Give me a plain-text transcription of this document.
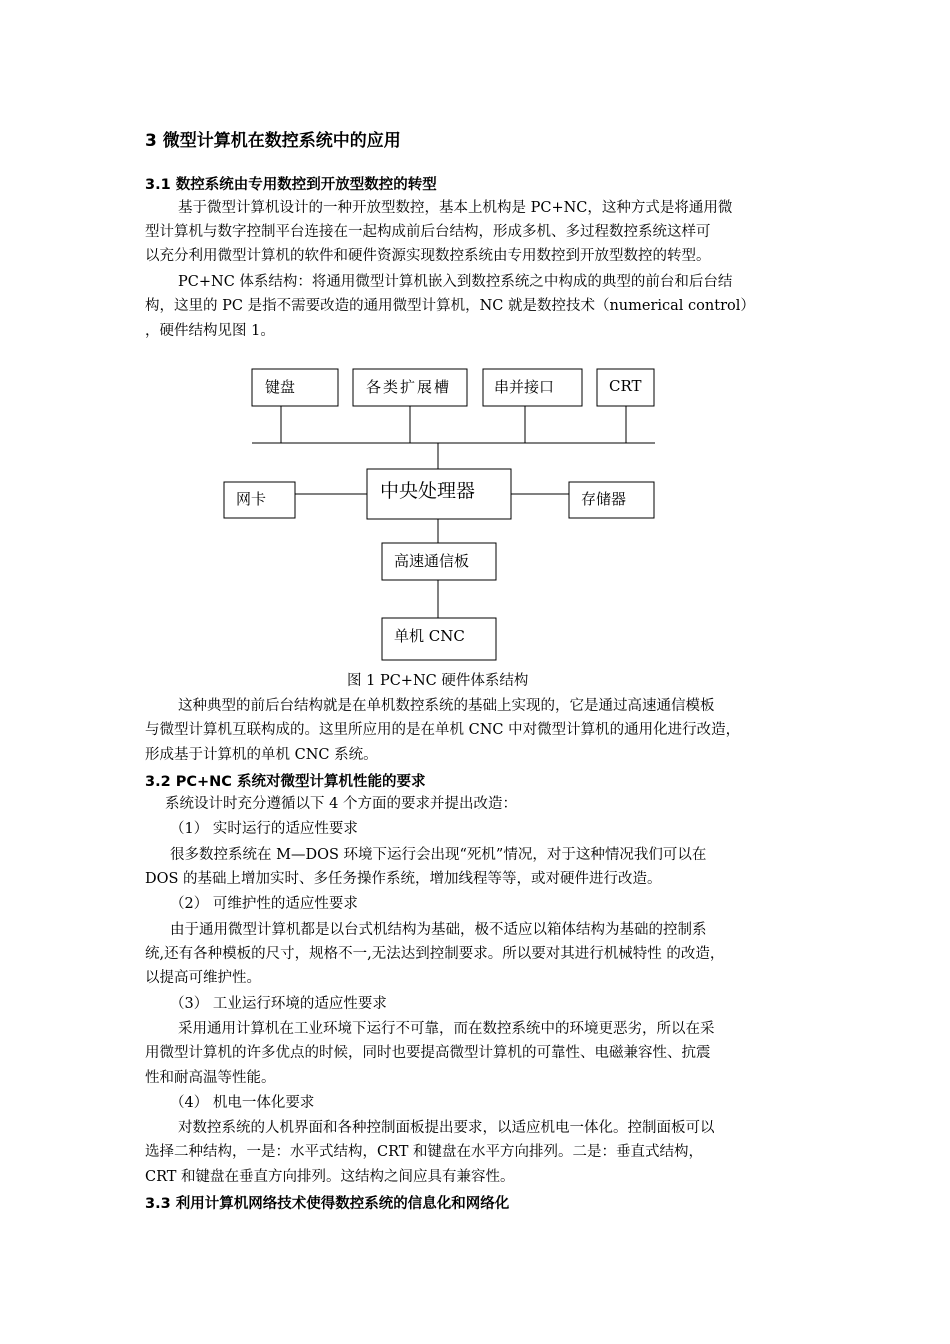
3 微型计算机在数控系统中的应用
3.1 数控系统由专用数控到开放型数控的转型
基于微型计算机设计的一种开放型数控，基本上机构是 PC+NC，这种方式是将通用微
型计算机与数字控制平台连接在一起构成前后台结构，形成多机、多过程数控系统这样可
以充分利用微型计算机的软件和硬件资源实现数控系统由专用数控到开放型数控的转型。
PC+NC 体系结构：将通用微型计算机嵌入到数控系统之中构成的典型的前台和后台结
构，这里的 PC 是指不需要改造的通用微型计算机，NC 就是数控技术（numerical control）
，硬件结构见图 1。
键盘	各类扩展槽	串并接口	CRT
网卡	中央处理器	存储器
高速通信板
单机 CNC
图 1 PC+NC 硬件体系结构
这种典型的前后台结构就是在单机数控系统的基础上实现的，它是通过高速通信模板
与微型计算机互联构成的。这里所应用的是在单机 CNC 中对微型计算机的通用化进行改造，
形成基于计算机的单机 CNC 系统。
3.2 PC+NC 系统对微型计算机性能的要求
系统设计时充分遵循以下 4 个方面的要求并提出改造：
（1） 实时运行的适应性要求
很多数控系统在 M—DOS 环境下运行会出现“死机”情况，对于这种情况我们可以在
DOS 的基础上增加实时、多任务操作系统，增加线程等等，或对硬件进行改造。
（2） 可维护性的适应性要求
由于通用微型计算机都是以台式机结构为基础，极不适应以箱体结构为基础的控制系
统,还有各种模板的尺寸，规格不一,无法达到控制要求。所以要对其进行机械特性 的改造，
以提高可维护性。
（3） 工业运行环境的适应性要求
采用通用计算机在工业环境下运行不可靠，而在数控系统中的环境更恶劣，所以在采
用微型计算机的许多优点的时候，同时也要提高微型计算机的可靠性、电磁兼容性、抗震
性和耐高温等性能。
（4） 机电一体化要求
对数控系统的人机界面和各种控制面板提出要求，以适应机电一体化。控制面板可以
选择二种结构，一是：水平式结构，CRT 和键盘在水平方向排列。二是：垂直式结构，
CRT 和键盘在垂直方向排列。这结构之间应具有兼容性。
3.3 利用计算机网络技术使得数控系统的信息化和网络化
